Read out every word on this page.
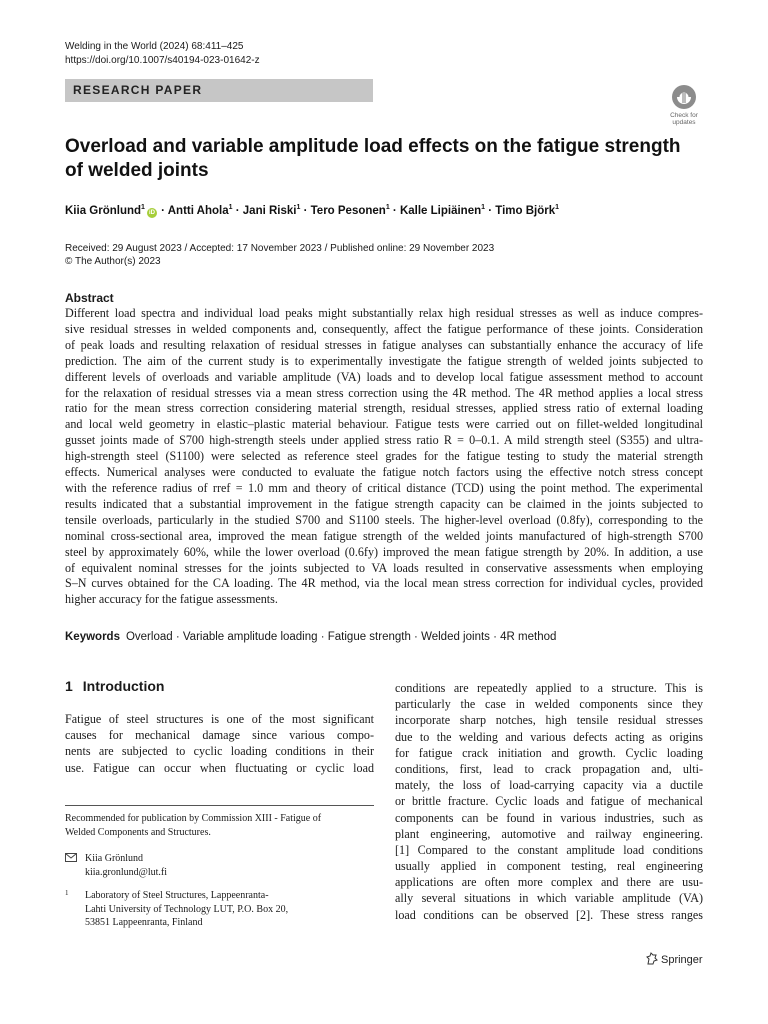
Welding in the World (2024) 68:411–425
https://doi.org/10.1007/s40194-023-01642-z
RESEARCH PAPER
Check for
updates
Overload and variable amplitude load effects on the fatigue strength
of welded joints
Kiia Grönlund$^1$iD · Antti Ahola$^1$ · Jani Riski$^1$ · Tero Pesonen$^1$ · Kalle Lipiäinen$^1$ · Timo Björk$^1$
Received: 29 August 2023 / Accepted: 17 November 2023 / Published online: 29 November 2023
© The Author(s) 2023
Abstract
Different load spectra and individual load peaks might substantially relax high residual stresses as well as induce compres-
sive residual stresses in welded components and, consequently, affect the fatigue performance of these joints. Consideration
of peak loads and resulting relaxation of residual stresses in fatigue analyses can substantially enhance the accuracy of life
prediction. The aim of the current study is to experimentally investigate the fatigue strength of welded joints subjected to
different levels of overloads and variable amplitude (VA) loads and to develop local fatigue assessment method to account
for the relaxation of residual stresses via a mean stress correction using the 4R method. The 4R method applies a local stress
ratio for the mean stress correction considering material strength, residual stresses, applied stress ratio of external loading
and local weld geometry in elastic–plastic material behaviour. Fatigue tests were carried out on fillet-welded longitudinal
gusset joints made of S700 high-strength steels under applied stress ratio R = 0–0.1. A mild strength steel (S355) and ultra-
high-strength steel (S1100) were selected as reference steel grades for the fatigue testing to study the material strength
effects. Numerical analyses were conducted to evaluate the fatigue notch factors using the effective notch stress concept
with the reference radius of rref = 1.0 mm and theory of critical distance (TCD) using the point method. The experimental
results indicated that a substantial improvement in the fatigue strength capacity can be claimed in the joints subjected to
tensile overloads, particularly in the studied S700 and S1100 steels. The higher-level overload (0.8fy), corresponding to the
nominal cross-sectional area, improved the mean fatigue strength of the welded joints manufactured of high-strength S700
steel by approximately 60%, while the lower overload (0.6fy) improved the mean fatigue strength by 20%. In addition, a use
of equivalent nominal stresses for the joints subjected to VA loads resulted in conservative assessments when employing
S–N curves obtained for the CA loading. The 4R method, via the local mean stress correction for individual cycles, provided
higher accuracy for the fatigue assessments.
Keywords Overload · Variable amplitude loading · Fatigue strength · Welded joints · 4R method
1 Introduction
Fatigue of steel structures is one of the most significant
causes for mechanical damage since various compo-
nents are subjected to cyclic loading conditions in their
use. Fatigue can occur when fluctuating or cyclic load
Recommended for publication by Commission XIII - Fatigue of
Welded Components and Structures.
Kiia Grönlund
kiia.gronlund@lut.fi
1 Laboratory of Steel Structures, Lappeenranta-
Lahti University of Technology LUT, P.O. Box 20,
53851 Lappeenranta, Finland
conditions are repeatedly applied to a structure. This is
particularly the case in welded components since they
incorporate sharp notches, high tensile residual stresses
due to the welding and various defects acting as origins
for fatigue crack initiation and growth. Cyclic loading
conditions, first, lead to crack propagation and, ulti-
mately, the loss of load-carrying capacity via a ductile
or brittle fracture. Cyclic loads and fatigue of mechanical
components can be found in various industries, such as
plant engineering, automotive and railway engineering.
[1] Compared to the constant amplitude load conditions
usually applied in component testing, real engineering
applications are often more complex and there are usu-
ally several situations in which variable amplitude (VA)
load conditions can be observed [2]. These stress ranges
Springer
